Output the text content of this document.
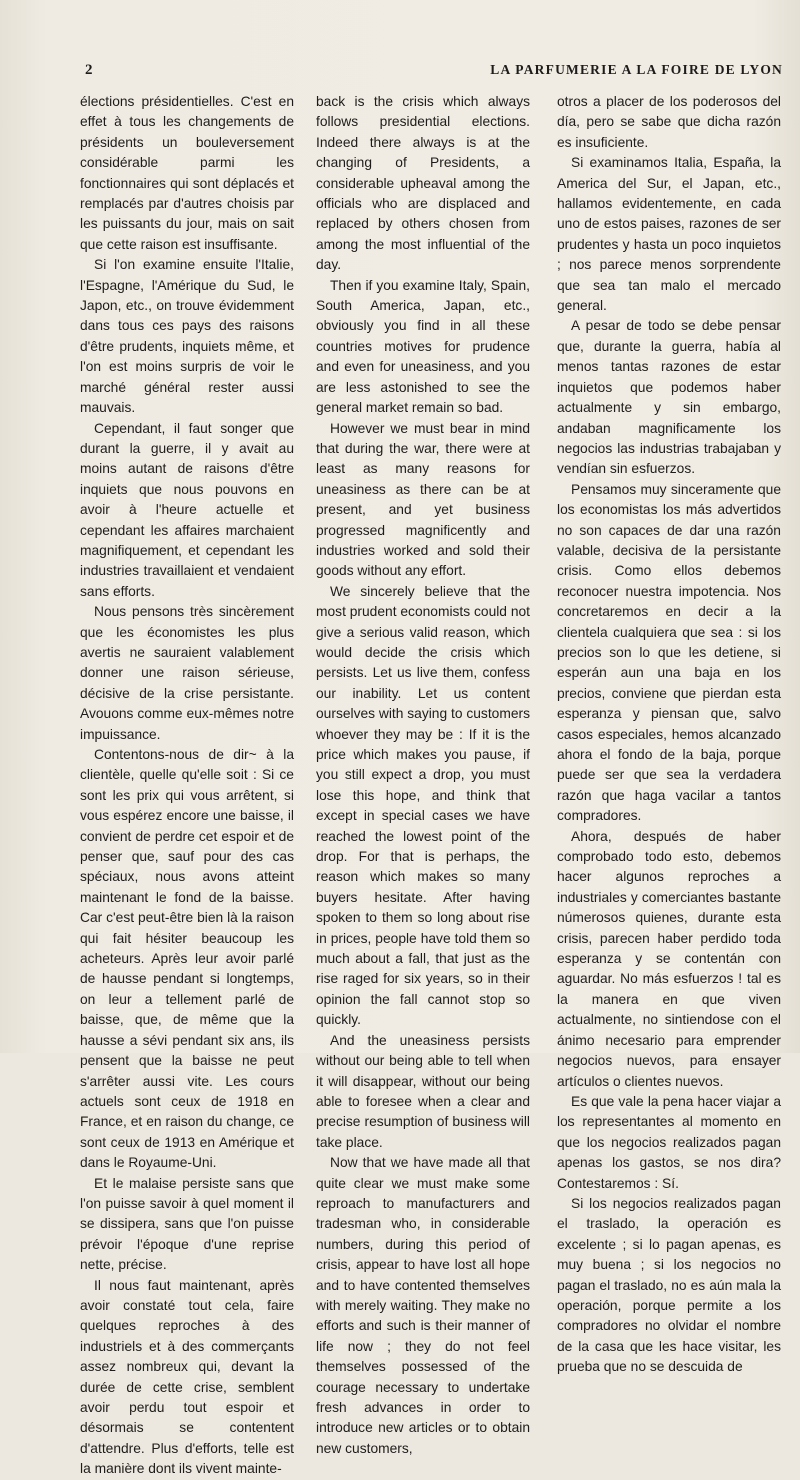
2	LA PARFUMERIE A LA FOIRE DE LYON

élections présidentielles. C'est en effet à tous les changements de présidents un bouleversement considérable parmi les fonctionnaires qui sont déplacés et remplacés par d'autres choisis par les puissants du jour, mais on sait que cette raison est insuffisante.

Si l'on examine ensuite l'Italie, l'Espagne, l'Amérique du Sud, le Japon, etc., on trouve évidemment dans tous ces pays des raisons d'être prudents, inquiets même, et l'on est moins surpris de voir le marché général rester aussi mauvais.

Cependant, il faut songer que durant la guerre, il y avait au moins autant de raisons d'être inquiets que nous pouvons en avoir à l'heure actuelle et cependant les affaires marchaient magnifiquement, et cependant les industries travaillaient et vendaient sans efforts.

Nous pensons très sincèrement que les économistes les plus avertis ne sauraient valablement donner une raison sérieuse, décisive de la crise persistante. Avouons comme eux-mêmes notre impuissance.

Contentons-nous de dir~ à la clientèle, quelle qu'elle soit : Si ce sont les prix qui vous arrêtent, si vous espérez encore une baisse, il convient de perdre cet espoir et de penser que, sauf pour des cas spéciaux, nous avons atteint maintenant le fond de la baisse. Car c'est peut-être bien là la raison qui fait hésiter beaucoup les acheteurs. Après leur avoir parlé de hausse pendant si longtemps, on leur a tellement parlé de baisse, que, de même que la hausse a sévi pendant six ans, ils pensent que la baisse ne peut s'arrêter aussi vite. Les cours actuels sont ceux de 1918 en France, et en raison du change, ce sont ceux de 1913 en Amérique et dans le Royaume-Uni.

Et le malaise persiste sans que l'on puisse savoir à quel moment il se dissipera, sans que l'on puisse prévoir l'époque d'une reprise nette, précise.

Il nous faut maintenant, après avoir constaté tout cela, faire quelques reproches à des industriels et à des commerçants assez nombreux qui, devant la durée de cette crise, semblent avoir perdu tout espoir et désormais se contentent d'attendre. Plus d'efforts, telle est la manière dont ils vivent mainte-

back is the crisis which always follows presidential elections. Indeed there always is at the changing of Presidents, a considerable upheaval among the officials who are displaced and replaced by others chosen from among the most influential of the day.

Then if you examine Italy, Spain, South America, Japan, etc., obviously you find in all these countries motives for prudence and even for uneasiness, and you are less astonished to see the general market remain so bad.

However we must bear in mind that during the war, there were at least as many reasons for uneasiness as there can be at present, and yet business progressed magnificently and industries worked and sold their goods without any effort.

We sincerely believe that the most prudent economists could not give a serious valid reason, which would decide the crisis which persists. Let us live them, confess our inability. Let us content ourselves with saying to customers whoever they may be : If it is the price which makes you pause, if you still expect a drop, you must lose this hope, and think that except in special cases we have reached the lowest point of the drop. For that is perhaps, the reason which makes so many buyers hesitate. After having spoken to them so long about rise in prices, people have told them so much about a fall, that just as the rise raged for six years, so in their opinion the fall cannot stop so quickly.

And the uneasiness persists without our being able to tell when it will disappear, without our being able to foresee when a clear and precise resumption of business will take place.

Now that we have made all that quite clear we must make some reproach to manufacturers and tradesman who, in considerable numbers, during this period of crisis, appear to have lost all hope and to have contented themselves with merely waiting. They make no efforts and such is their manner of life now ; they do not feel themselves possessed of the courage necessary to undertake fresh advances in order to introduce new articles or to obtain new customers,

otros a placer de los poderosos del día, pero se sabe que dicha razón es insuficiente.

Si examinamos Italia, España, la America del Sur, el Japan, etc., hallamos evidentemente, en cada uno de estos paises, razones de ser prudentes y hasta un poco inquietos ; nos parece menos sorprendente que sea tan malo el mercado general.

A pesar de todo se debe pensar que, durante la guerra, había al menos tantas razones de estar inquietos que podemos haber actualmente y sin embargo, andaban magnificamente los negocios las industrias trabajaban y vendían sin esfuerzos.

Pensamos muy sinceramente que los economistas los más advertidos no son capaces de dar una razón valable, decisiva de la persistante crisis. Como ellos debemos reconocer nuestra impotencia. Nos concretaremos en decir a la clientela cualquiera que sea : si los precios son lo que les detiene, si esperán aun una baja en los precios, conviene que pierdan esta esperanza y piensan que, salvo casos especiales, hemos alcanzado ahora el fondo de la baja, porque puede ser que sea la verdadera razón que haga vacilar a tantos compradores.

Ahora, después de haber comprobado todo esto, debemos hacer algunos reproches a industriales y comerciantes bastante númerosos quienes, durante esta crisis, parecen haber perdido toda esperanza y se contentán con aguardar. No más esfuerzos ! tal es la manera en que viven actualmente, no sintiendose con el ánimo necesario para emprender negocios nuevos, para ensayer artículos o clientes nuevos.

Es que vale la pena hacer viajar a los representantes al momento en que los negocios realizados pagan apenas los gastos, se nos dira? Contestaremos : Sí.

Si los negocios realizados pagan el traslado, la operación es excelente ; si lo pagan apenas, es muy buena ; si los negocios no pagan el traslado, no es aún mala la operación, porque permite a los compradores no olvidar el nombre de la casa que les hace visitar, les prueba que no se descuida de
